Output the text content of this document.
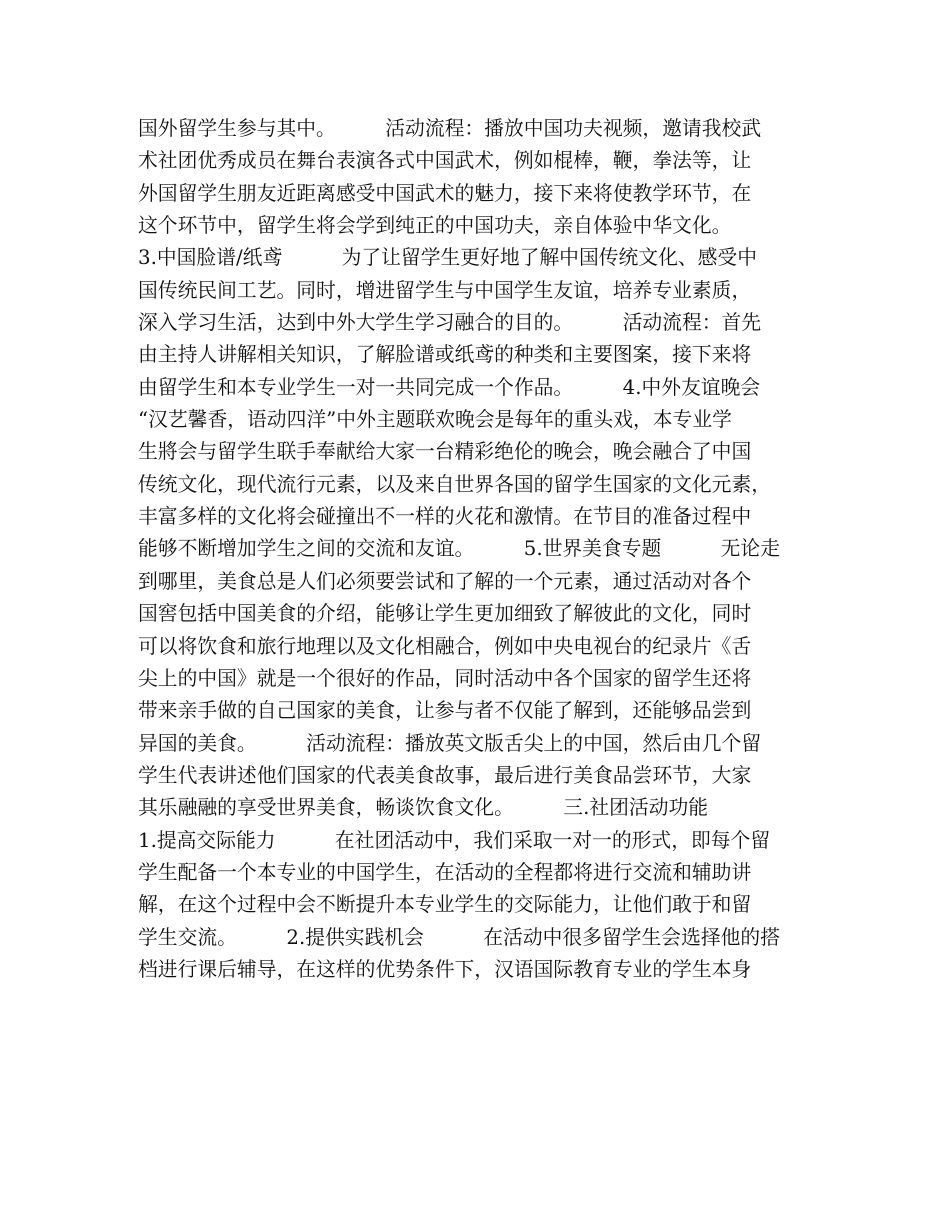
国外留学生参与其中。　　　活动流程：播放中国功夫视频，邀请我校武
术社团优秀成员在舞台表演各式中国武术，例如棍棒，鞭，拳法等，让
外国留学生朋友近距离感受中国武术的魅力，接下来将使教学环节，在
这个环节中，留学生将会学到纯正的中国功夫，亲自体验中华文化。
3.中国脸谱/纸鸢　　　为了让留学生更好地了解中国传统文化、感受中
国传统民间工艺。同时，增进留学生与中国学生友谊，培养专业素质，
深入学习生活，达到中外大学生学习融合的目的。　　　活动流程：首先
由主持人讲解相关知识，了解脸谱或纸鸢的种类和主要图案，接下来将
由留学生和本专业学生一对一共同完成一个作品。　　　4.中外友谊晚会
“汉艺馨香，语动四洋”中外主题联欢晚会是每年的重头戏，本专业学
生將会与留学生联手奉献给大家一台精彩绝伦的晚会，晚会融合了中国
传统文化，现代流行元素，以及来自世界各国的留学生国家的文化元素，
丰富多样的文化将会碰撞出不一样的火花和激情。在节目的准备过程中
能够不断增加学生之间的交流和友谊。　　　5.世界美食专题　　　无论走
到哪里，美食总是人们必须要尝试和了解的一个元素，通过活动对各个
国窖包括中国美食的介绍，能够让学生更加细致了解彼此的文化，同时
可以将饮食和旅行地理以及文化相融合，例如中央电视台的纪录片《舌
尖上的中国》就是一个很好的作品，同时活动中各个国家的留学生还将
带来亲手做的自己国家的美食，让参与者不仅能了解到，还能够品尝到
异国的美食。　　　活动流程：播放英文版舌尖上的中国，然后由几个留
学生代表讲述他们国家的代表美食故事，最后进行美食品尝环节，大家
其乐融融的享受世界美食，畅谈饮食文化。　　　三.社团活动功能
1.提高交际能力　　　在社团活动中，我们采取一对一的形式，即每个留
学生配备一个本专业的中国学生，在活动的全程都将进行交流和辅助讲
解，在这个过程中会不断提升本专业学生的交际能力，让他们敢于和留
学生交流。　　　2.提供实践机会　　　在活动中很多留学生会选择他的搭
档进行课后辅导，在这样的优势条件下，汉语国际教育专业的学生本身
